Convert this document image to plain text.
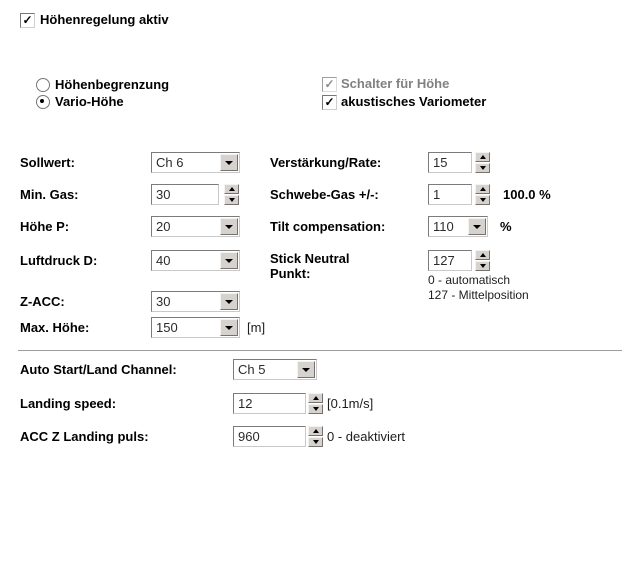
✓ Höhenregelung aktiv
Höhenbegrenzung
Vario-Höhe
✓ Schalter für Höhe
✓ akustisches Variometer
Sollwert:	Ch 6
Min. Gas:	30
Höhe P:	20
Luftdruck D:	40
Z-ACC:	30
Max. Höhe:	150	[m]
Verstärkung/Rate:	15
Schwebe-Gas +/-:	1	100.0 %
Tilt compensation:	110	%
Stick Neutral Punkt:
127
0 - automatisch
127 - Mittelposition
Auto Start/Land Channel:	Ch 5
Landing speed:	12	[0.1m/s]
ACC Z Landing puls:	960	0 - deaktiviert
